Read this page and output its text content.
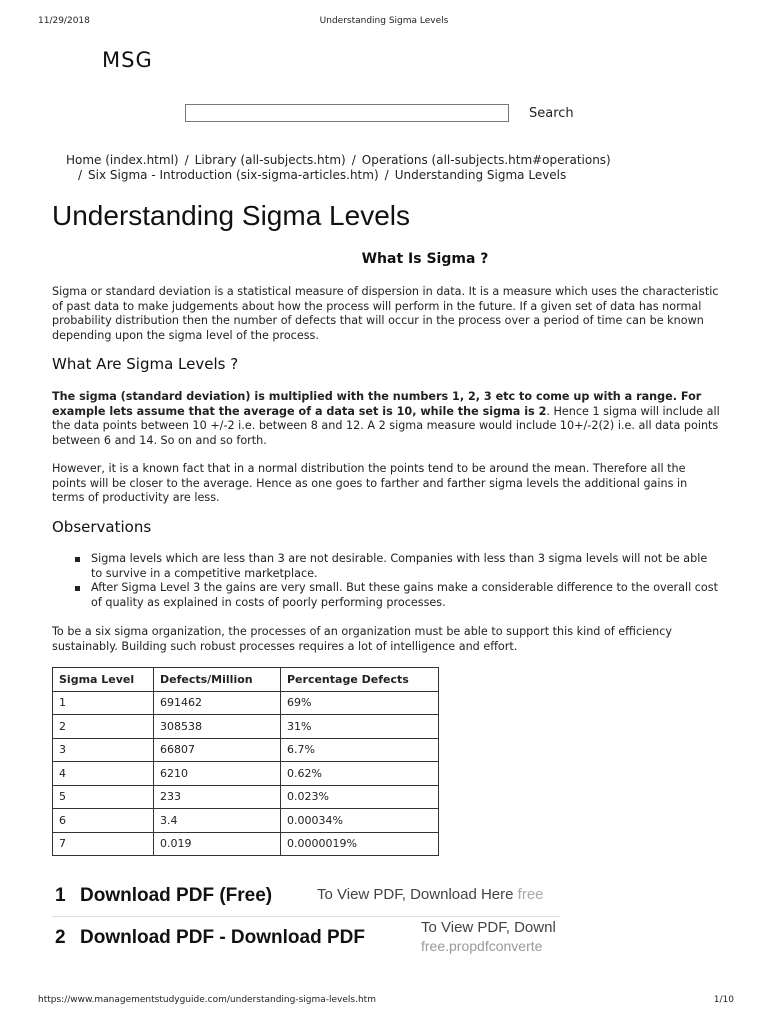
11/29/2018	Understanding Sigma Levels
MSG
Search
Home (index.html) / Library (all-subjects.htm) / Operations (all-subjects.htm#operations)
/ Six Sigma - Introduction (six-sigma-articles.htm) / Understanding Sigma Levels
Understanding Sigma Levels
What Is Sigma ?

Sigma or standard deviation is a statistical measure of dispersion in data. It is a measure which uses the characteristic of past data to make judgements about how the process will perform in the future. If a given set of data has normal probability distribution then the number of defects that will occur in the process over a period of time can be known depending upon the sigma level of the process.

What Are Sigma Levels ?

The sigma (standard deviation) is multiplied with the numbers 1, 2, 3 etc to come up with a range. For example lets assume that the average of a data set is 10, while the sigma is 2. Hence 1 sigma will include all the data points between 10 +/-2 i.e. between 8 and 12. A 2 sigma measure would include 10+/-2(2) i.e. all data points between 6 and 14. So on and so forth.

However, it is a known fact that in a normal distribution the points tend to be around the mean. Therefore all the points will be closer to the average. Hence as one goes to farther and farther sigma levels the additional gains in terms of productivity are less.

Observations
Sigma levels which are less than 3 are not desirable. Companies with less than 3 sigma levels will not be able to survive in a competitive marketplace.
After Sigma Level 3 the gains are very small. But these gains make a considerable difference to the overall cost of quality as explained in costs of poorly performing processes.

To be a six sigma organization, the processes of an organization must be able to support this kind of efficiency sustainably. Building such robust processes requires a lot of intelligence and effort.

Sigma Level	Defects/Million	Percentage Defects
1	691462	69%
2	308538	31%
3	66807	6.7%
4	6210	0.62%
5	233	0.023%
6	3.4	0.00034%
7	0.019	0.0000019%
1 Download PDF (Free)	To View PDF, Download Here free
2 Download PDF - Download PDF	To View PDF, Downl
free.propdfconverte
https://www.managementstudyguide.com/understanding-sigma-levels.htm	1/10
